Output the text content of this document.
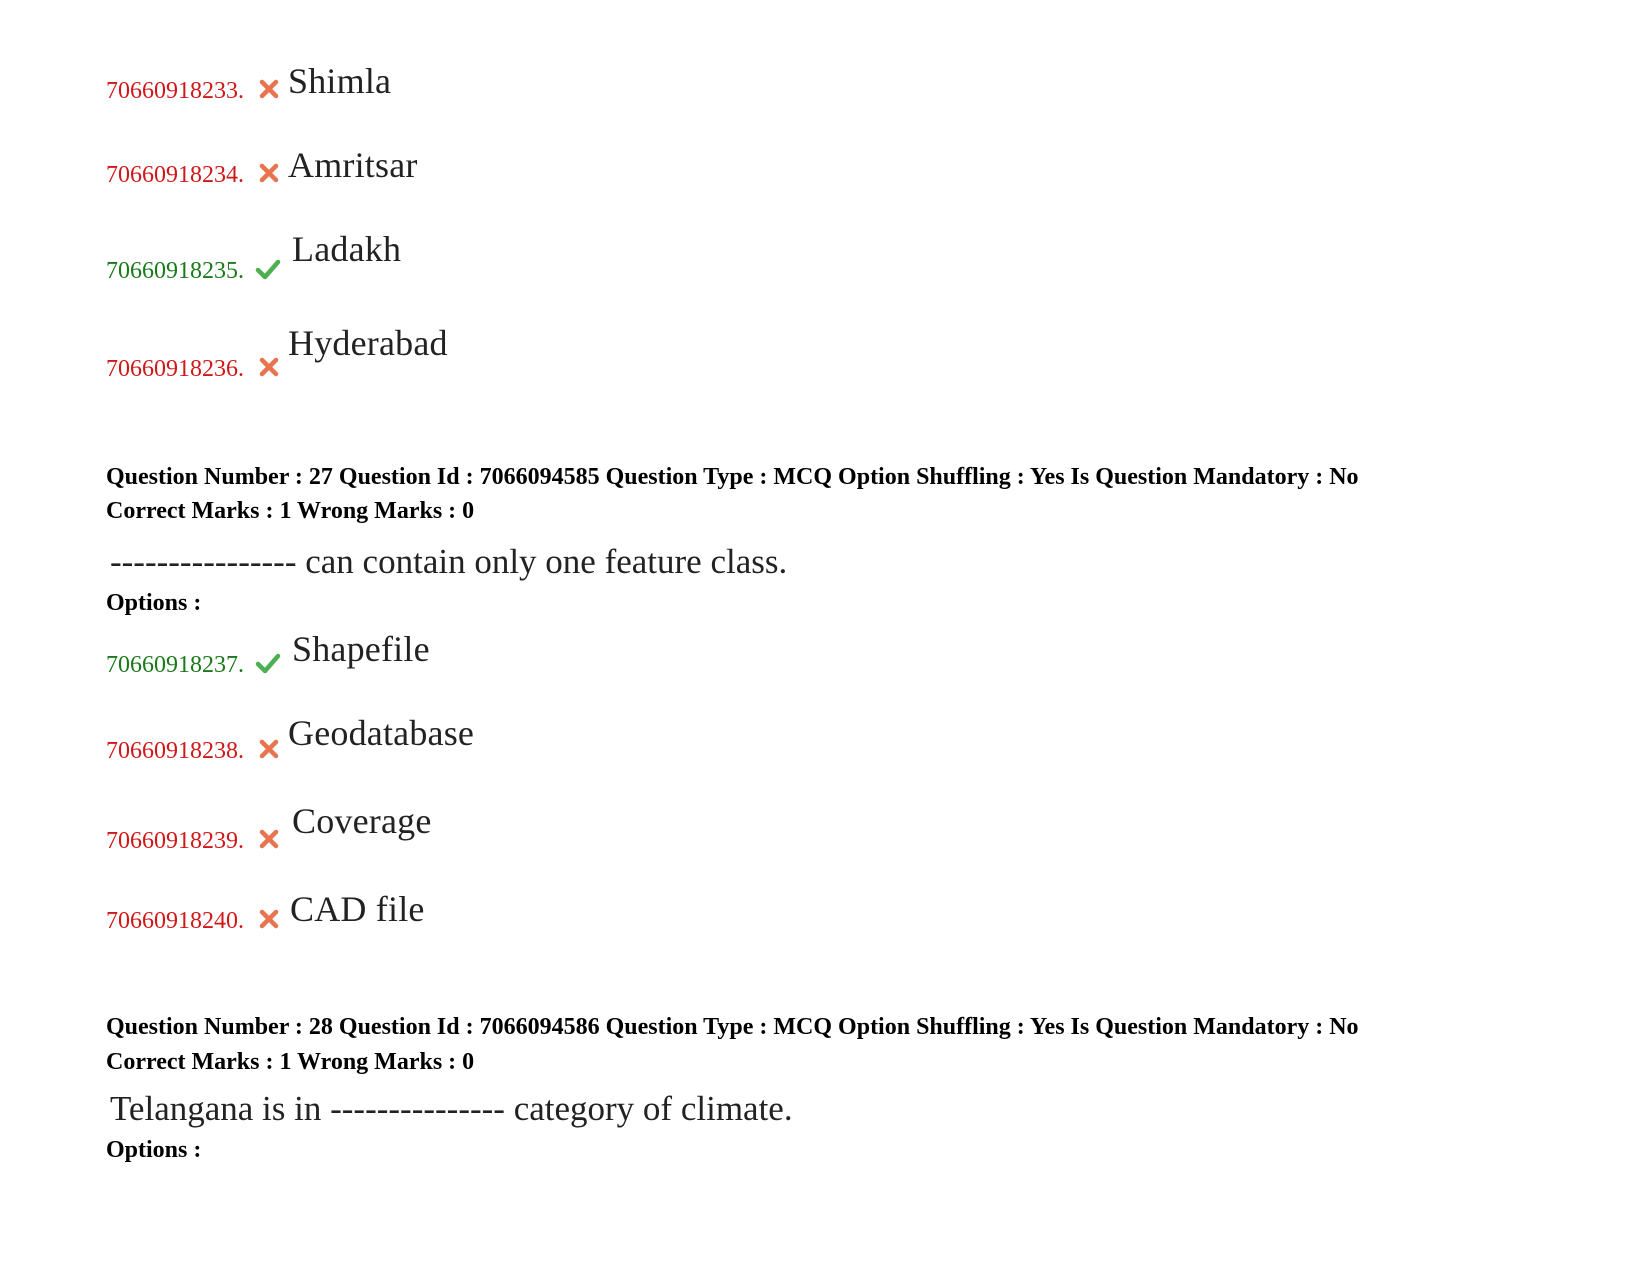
70660918233. Shimla
70660918234. Amritsar
70660918235.
Ladakh
70660918236.
Hyderabad
Question Number : 27 Question Id : 7066094585 Question Type : MCQ Option Shuffling : Yes Is Question Mandatory : No
Correct Marks : 1 Wrong Marks : 0
---------------- can contain only one feature class.
Options :
70660918237. Shapefile
70660918238. Geodatabase
70660918239. Coverage
70660918240. CAD file
Question Number : 28 Question Id : 7066094586 Question Type : MCQ Option Shuffling : Yes Is Question Mandatory : No
Correct Marks : 1 Wrong Marks : 0
Telangana is in --------------- category of climate.
Options :
